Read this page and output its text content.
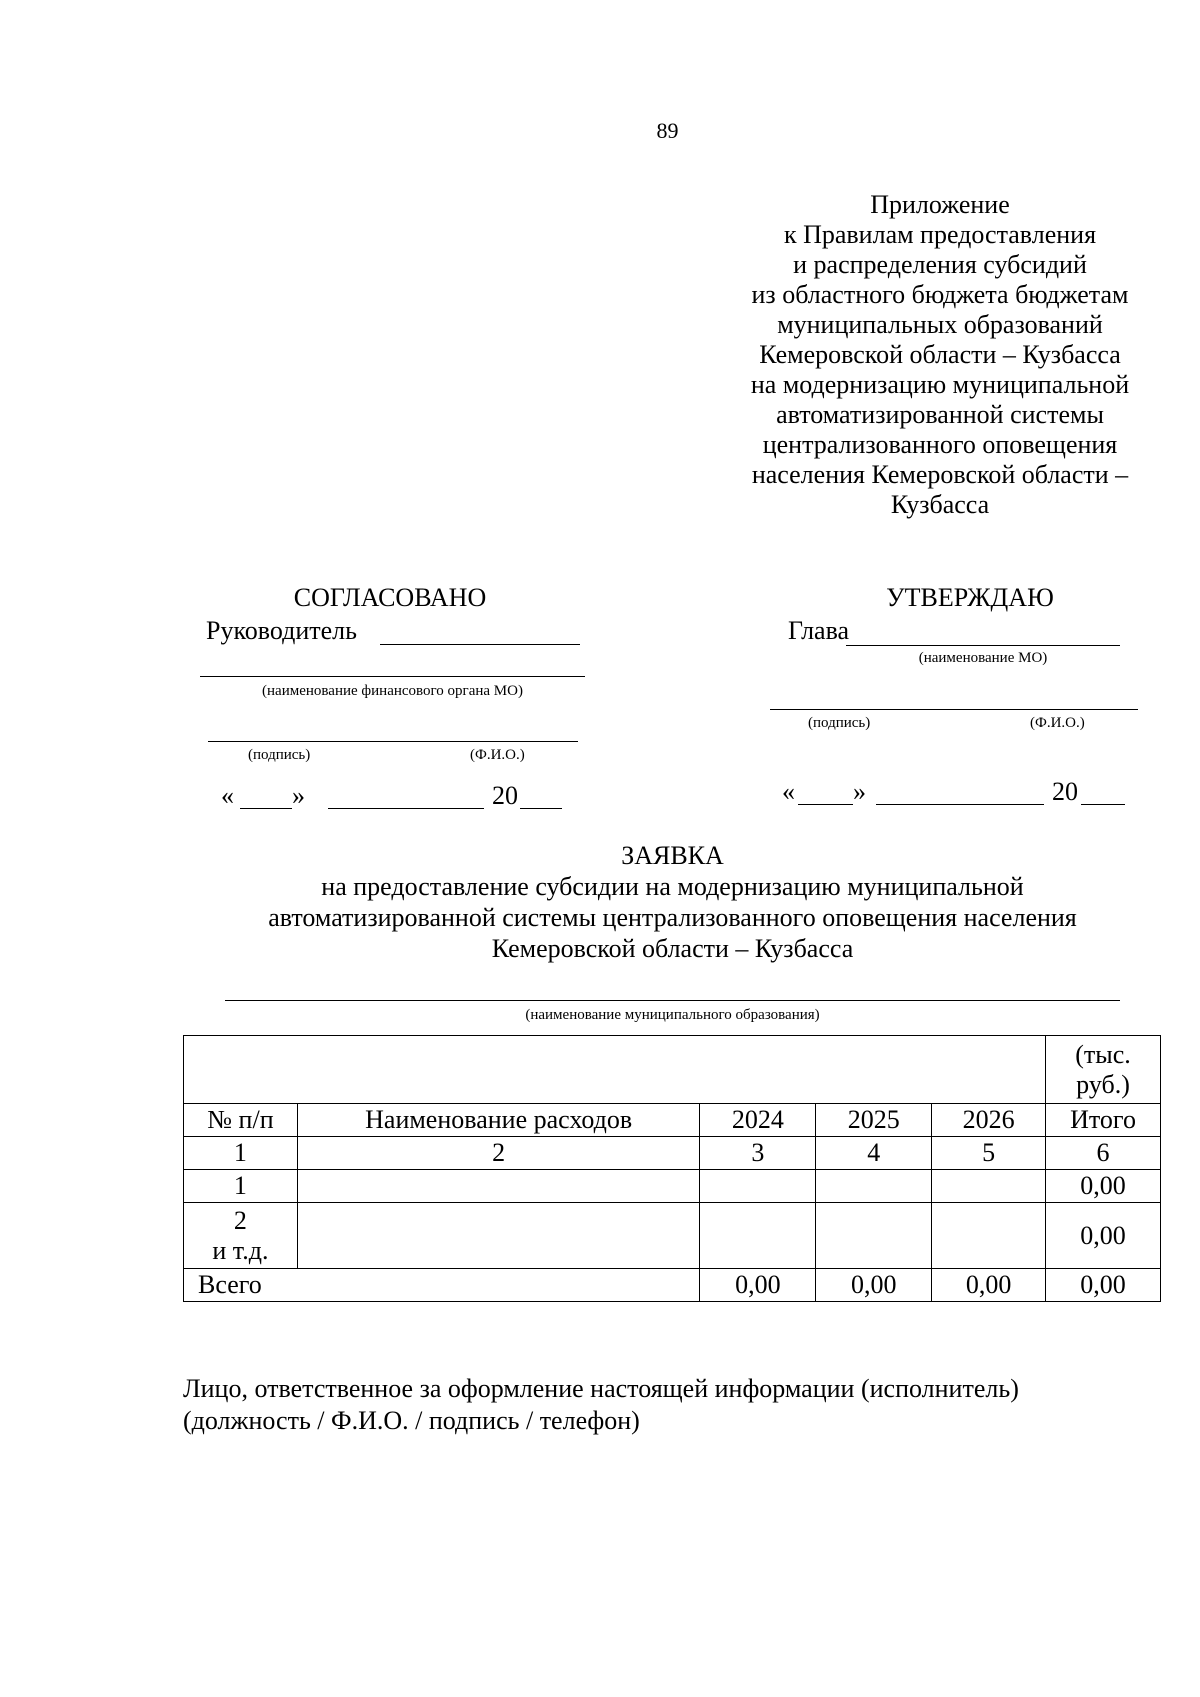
89
Приложение
к Правилам предоставления
и распределения субсидий
из областного бюджета бюджетам
муниципальных образований
Кемеровской области – Кузбасса
на модернизацию муниципальной
автоматизированной системы
централизованного оповещения
населения Кемеровской области –
Кузбасса
СОГЛАСОВАНО
Руководитель
(наименование финансового органа МО)
(подпись)	(Ф.И.О.)
« »	20
УТВЕРЖДАЮ
Глава
(наименование МО)
(подпись)	(Ф.И.О.)
« »	20
ЗАЯВКА
на предоставление субсидии на модернизацию муниципальной
автоматизированной системы централизованного оповещения населения
Кемеровской области – Кузбасса
(наименование муниципального образования)

					(тыс.
руб.)

№ п/п	Наименование расходов	2024	2025	2026	Итого
1	2	3	4	5	6
1					0,00

2
и т.д.					0,00
Всего		0,00	0,00	0,00	0,00
Лицо, ответственное за оформление настоящей информации (исполнитель)
(должность / Ф.И.О. / подпись / телефон)
